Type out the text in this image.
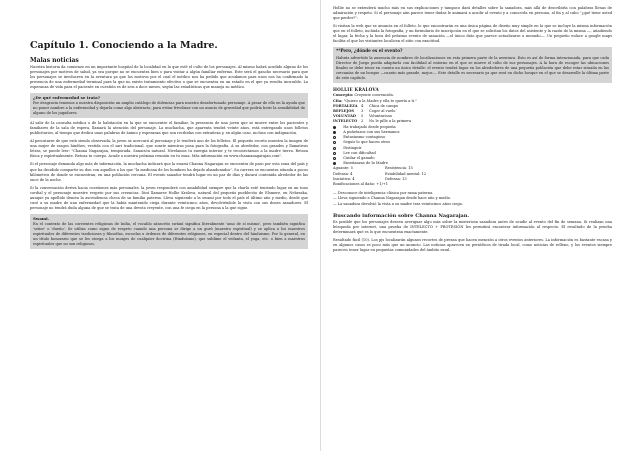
Capítulo 1. Conociendo a la Madre.
Malas noticias

Nuestra historia da comienzo en un importante hospital de la localidad en la que esté el culto de los personajes. Al mismo habrá acudido alguno de los personajes por motivos de salud, ya sea porque no se encuentra bien o para visitar a algún familiar enfermo. Este será el gancho necesario para que los personajes se involucren en la aventura ya que los motivos por el cual el médico nos ha pedido que acudamos para unos nos ha confirmado la presencia de una enfermedad terminal para la que no existe tratamiento efectivo o que se encuentra en un estado en el que ya resulta incurable. La esperanza de vida para el paciente en cuestión es de seis a doce meses, según las estadísticas que maneja su médico.

¿De qué enfermedad se trata?

Por desgracia tenemos a nuestra disposición un amplio catálogo de dolencias para nuestro desafortunado personaje. A pesar de ello en la ayuda que no poner nombre a la enfermedad y dejarla como algo abstracto, para evitar frivolizar con un asunto de gravedad que podría herir la sensibilidad de alguno de los jugadores.

Al salir de la consulta médica o de la habitación en la que se encuentre el familiar, la presencia de una joven que se mueve entre los pacientes y familiares de la sala de espera, llamará la atención del personaje. La muchacha, que aparenta tendrá veinte años, está entregando unos folletos publicitarios, al tiempo que dedica unas palabras de ánimo y esperanza que son recibidas con extrañeza y, en algún caso, incluso con indignación.

Al percatarse de que está siendo observada, la joven se acercará al personaje y le tenderá uno de los folletos. El pequeño escrito muestra la imagen de una mujer de rasgos hindúes, vestida con el sari tradicional, que sonríe mientras posa para la fotografía. A su alrededor, con grandes y llamativas letras, se puede leer: "Channa Nagarajan, temporada. Sanación natural. Nivelamos tu energía interior y te reconectamos a la madre tierra. Retoza física y espiritualmente. Retoza tu cuerpo. Acude a nuestra próxima reunión en tu zona. Más información en www.channanagarajan.com".

Si el personaje demanda algo más de información, la muchacha indicará que la swami Channa Nagarajan se encuentra de paso por esta zona del país y que ha decidido compartir su don con aquellos a los que "la medicina de los hombres ha dejado abandonados". Su carrera se encuentra situada a pocos kilómetros de donde se encuentran, en una población cercana. El evento sanador tendrá lugar en un par de días y durará contenida alrededor de las once de la noche.

Si la conversación deriva hacia cuestiones más personales, la joven responderá con amabilidad siempre que la charla esté teniendo lugar en un tono cordial y el personaje muestre respeto por sus creencias. Dirá llamarse Hollie Kralova, natural del pequeño pueblecito de Elsmere, en Nebraska, aunque ya apellido denota la ascendencia checa de su familia paterna. Lleva siguiendo a la swami por todo el país el último año y medio, desde que curó a su madre de una enfermedad que la había mantenido ciega durante veinticinco años, devolviéndole la vista con sus dones sanadores. El personaje no tendrá duda alguna de que se trata de una devota creyente, con una fe ciega en la persona a la que sigue.

Swami.

En el contexto de las corrientes religiosas de India, el vocablo sánscrito swāmī significa literalmente 'amo de sí mismo', pero también significa 'señor' o 'dueño'. Se utiliza como signo de respeto cuando una persona se dirige a un gurú (maestro espiritual) y se aplica a los maestros espirituales de diferentes tradiciones y filosofías, escuelas u órdenes de diferentes religiones, en especial dentro del hinduismo. Por lo general, en un título honorario que se les otorga a los monjes de cualquier doctrina (Hinduismo), que sublime el vedanta, el yoga, etc. o bien a maestros espirituales que no son religiosos.

Hollie no se extenderá mucho más en sus explicaciones y tampoco dará detalles sobre la sanadora, más allá de describirla con palabras llenas de admiración y respeto. Si el personaje aún parece tener dudas le animará a acudir al evento y a conocerla en persona, al fin y al cabo "¿qué tiene usted que perder?".

Si visitan la web que se anuncia en el folleto, lo que encontrarán es una única página de diseño muy simple en la que se incluye la misma información que en el folleto, incluida la fotografía, y un formulario de inscripción en el que se solicitan los datos del asistente y la razón de la misma —, añadiendo el lugar, la fecha y la hora del próximo evento de sanación —el único dato que parece actualizarse a menudo—. Un pequeño enlace a google maps facilita el que los visitantes localicen el sitio con exactitud.

**Pero, ¿dónde es el evento?

Habrás advertido la ausencia de nombres de localizaciones en esta primera parte de la aventura. Esto es así de forma intencionada, para que cada Director de Juego pueda adaptarla con facilidad al entorno en el que se mueve el culto de sus personajes. A la hora de escoger las ubicaciones finales se debe tener en cuenta un único detalle: el evento tendrá lugar en los alrededores de una pequeña población que debe estar situada en las cercanías de un bosque —cuanto más grande, mejor—. Este detalle es necesario ya que será en dicho bosque en el que se desarrolle la última parte de este capítulo.

HOLLIE KRALOVA
Concepto: Creyente convencida.
Cita: "Quiero a la Madre y ella te quería a ti."
FORTALEZA 4	Chica de campo
REFLEJOS	3	Coger al vuelo
VOLUNTAD	5	Voluntariosa
INTELECTO	2	No le pille a la primera
Ha trabajado desde pequeña
A puñetazos con sus hermanos
Entusiasmo contagioso
Seguir lo que hacen otros
Distinguir
Lee con dificultad
Cuidar el ganado
Enseñanzas de la Madre
Aguante: 5	Resistencia: 15
Defensa: 4	Estabilidad mental: 12
Iniciativa: 4	Defensa: 13
Bonificaciones al daño: +1/+1
— Desconoce de inteligencia clásica por rama paterna.
— Lleva siguiendo a Channa Nagarajan desde hace año y medio.
— La sanadora devolvió la vista a su madre tras veinticinco años ciega.
Buscando información sobre Channa Nagarajan.

Es posible que los personajes deseen averiguar algo más sobre la misteriosa sanadora antes de acudir al evento del fin de semana. Si realizan una búsqueda por internet, una prueba de INTELECTO + PROTESIÓN les permitirá encontrar información al respecto. El resultado de la prueba determinará qué es lo que encuentran exactamente.

Resultado fácil (10). Los pjs localizarán algunos recortes de prensa que hacen mención a otros eventos anteriores. La información es bastante escasa y en algunos casos es poco más que un anuncio. Las noticias aparecen en periódicos de tirada local, como noticias de relleno, y los eventos siempre parecen tener lugar en pequeñas comunidades del ámbito rural.
